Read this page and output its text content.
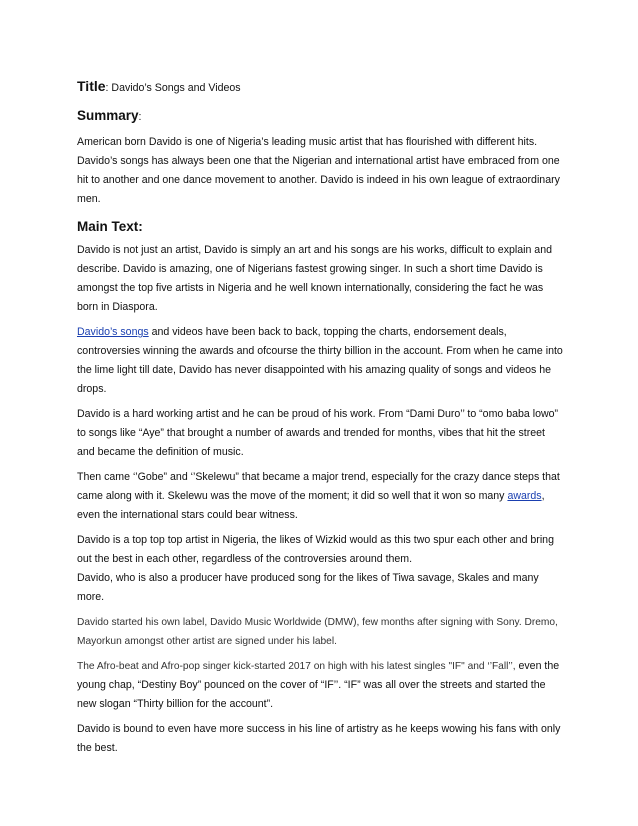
Title: Davido’s Songs and Videos
Summary:

American born Davido is one of Nigeria’s leading music artist that has flourished with different hits. Davido’s songs has always been one that the Nigerian and international artist have embraced from one hit to another and one dance movement to another. Davido is indeed in his own league of extraordinary men.

Main Text:

Davido is not just an artist, Davido is simply an art and his songs are his works, difficult to explain and describe. Davido is amazing, one of Nigerians fastest growing singer. In such a short time Davido is amongst the top five artists in Nigeria and he well known internationally, considering the fact he was born in Diaspora.

Davido’s songs and videos have been back to back, topping the charts, endorsement deals, controversies winning the awards and ofcourse the thirty billion in the account. From when he came into the lime light till date, Davido has never disappointed with his amazing quality of songs and videos he drops.

Davido is a hard working artist and he can be proud of his work. From “Dami Duro’’ to “omo baba lowo” to songs like “Aye” that brought a number of awards and trended for months, vibes that hit the street and became the definition of music.

Then came ‘’Gobe” and ‘’Skelewu” that became a major trend, especially for the crazy dance steps that came along with it. Skelewu was the move of the moment; it did so well that it won so many awards, even the international stars could bear witness.

Davido is a top top top artist in Nigeria, the likes of Wizkid would as this two spur each other and bring out the best in each other, regardless of the controversies around them.

Davido, who is also a producer have produced song for the likes of Tiwa savage, Skales and many more.

Davido started his own label, Davido Music Worldwide (DMW), few months after signing with Sony. Dremo, Mayorkun amongst other artist are signed under his label.

The Afro-beat and Afro-pop singer kick-started 2017 on high with his latest singles "IF" and ‘’Fall’’, even the young chap, “Destiny Boy” pounced on the cover of “IF’’. “IF” was all over the streets and started the new slogan “Thirty billion for the account”.

Davido is bound to even have more success in his line of artistry as he keeps wowing his fans with only the best.
